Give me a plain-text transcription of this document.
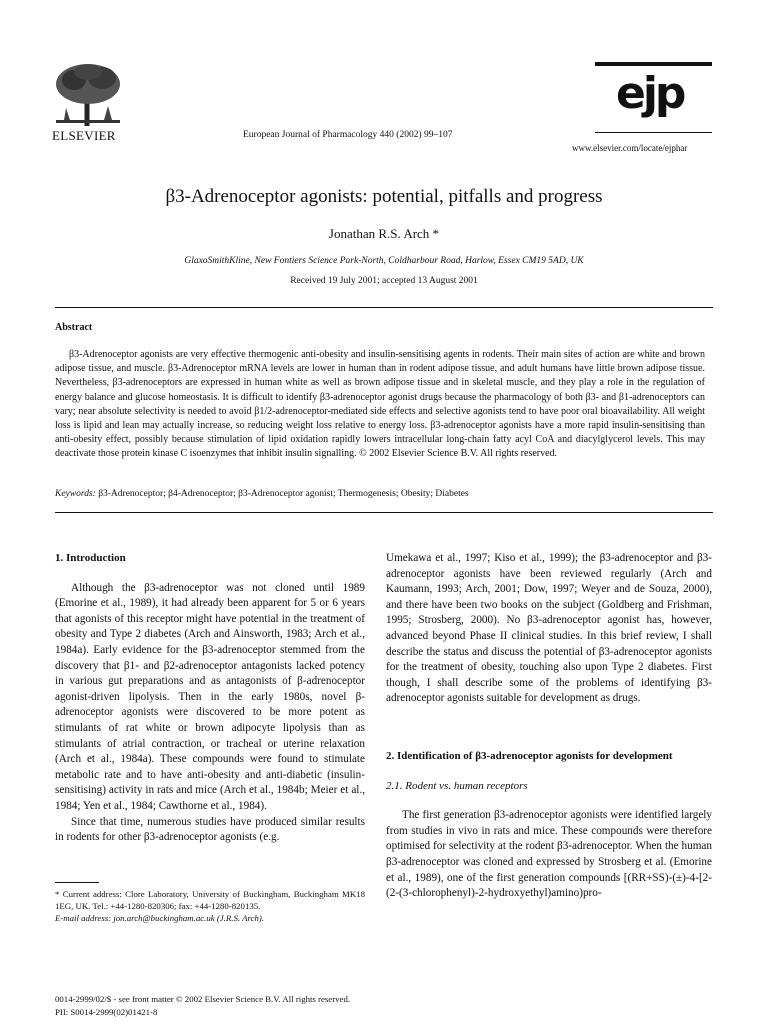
ELSEVIER	European Journal of Pharmacology 440 (2002) 99–107
ejp
www.elsevier.com/locate/ejphar
β3-Adrenoceptor agonists: potential, pitfalls and progress
Jonathan R.S. Arch *
GlaxoSmithKline, New Fontiers Science Park-North, Coldharbour Road, Harlow, Essex CM19 5AD, UK
Received 19 July 2001; accepted 13 August 2001
Abstract
β3-Adrenoceptor agonists are very effective thermogenic anti-obesity and insulin-sensitising agents in rodents. Their main sites of action are white and brown adipose tissue, and muscle. β3-Adrenoceptor mRNA levels are lower in human than in rodent adipose tissue, and adult humans have little brown adipose tissue. Nevertheless, β3-adrenoceptors are expressed in human white as well as brown adipose tissue and in skeletal muscle, and they play a role in the regulation of energy balance and glucose homeostasis. It is difficult to identify β3-adrenoceptor agonist drugs because the pharmacology of both β3- and β1-adrenoceptors can vary; near absolute selectivity is needed to avoid β1/2-adrenoceptor-mediated side effects and selective agonists tend to have poor oral bioavailability. All weight loss is lipid and lean may actually increase, so reducing weight loss relative to energy loss. β3-adrenoceptor agonists have a more rapid insulin-sensitising than anti-obesity effect, possibly because stimulation of lipid oxidation rapidly lowers intracellular long-chain fatty acyl CoA and diacylglycerol levels. This may deactivate those protein kinase C isoenzymes that inhibit insulin signalling. © 2002 Elsevier Science B.V. All rights reserved.
Keywords: β3-Adrenoceptor; β4-Adrenoceptor; β3-Adrenoceptor agonist; Thermogenesis; Obesity; Diabetes
1. Introduction

Although the β3-adrenoceptor was not cloned until 1989 (Emorine et al., 1989), it had already been apparent for 5 or 6 years that agonists of this receptor might have potential in the treatment of obesity and Type 2 diabetes (Arch and Ainsworth, 1983; Arch et al., 1984a). Early evidence for the β3-adrenoceptor stemmed from the discovery that β1- and β2-adrenoceptor antagonists lacked potency in various gut preparations and as antagonists of β-adrenoceptor agonist-driven lipolysis. Then in the early 1980s, novel β-adrenoceptor agonists were discovered to be more potent as stimulants of rat white or brown adipocyte lipolysis than as stimulants of atrial contraction, or tracheal or uterine relaxation (Arch et al., 1984a). These compounds were found to stimulate metabolic rate and to have anti-obesity and anti-diabetic (insulin-sensitising) activity in rats and mice (Arch et al., 1984b; Meier et al., 1984; Yen et al., 1984; Cawthorne et al., 1984).

Since that time, numerous studies have produced similar results in rodents for other β3-adrenoceptor agonists (e.g.

* Current address: Clore Laboratory, University of Buckingham, Buckingham MK18 1EG, UK. Tel.: +44-1280-820306; fax: +44-1280-820135.
E-mail address: jon.arch@buckingham.ac.uk (J.R.S. Arch).

Umekawa et al., 1997; Kiso et al., 1999); the β3-adrenoceptor and β3-adrenoceptor agonists have been reviewed regularly (Arch and Kaumann, 1993; Arch, 2001; Dow, 1997; Weyer and de Souza, 2000), and there have been two books on the subject (Goldberg and Frishman, 1995; Strosberg, 2000). No β3-adrenoceptor agonist has, however, advanced beyond Phase II clinical studies. In this brief review, I shall describe the status and discuss the potential of β3-adrenoceptor agonists for the treatment of obesity, touching also upon Type 2 diabetes. First though, I shall describe some of the problems of identifying β3-adrenoceptor agonists suitable for development as drugs.

2. Identification of β3-adrenoceptor agonists for development
2.1. Rodent vs. human receptors

The first generation β3-adrenoceptor agonists were identified largely from studies in vivo in rats and mice. These compounds were therefore optimised for selectivity at the rodent β3-adrenoceptor. When the human β3-adrenoceptor was cloned and expressed by Strosberg et al. (Emorine et al., 1989), one of the first generation compounds [(RR+SS)-(±)-4-[2-(2-(3-chlorophenyl)-2-hydroxyethyl)amino)pro-

0014-2999/02/$ - see front matter © 2002 Elsevier Science B.V. All rights reserved.
PII: S0014-2999(02)01421-8
